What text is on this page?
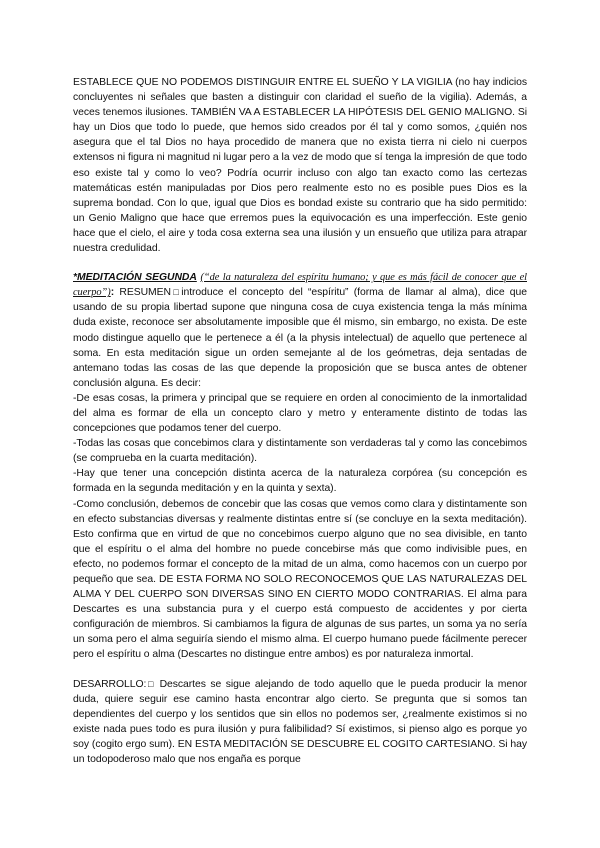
ESTABLECE QUE NO PODEMOS DISTINGUIR ENTRE EL SUEÑO Y LA VIGILIA (no hay indicios concluyentes ni señales que basten a distinguir con claridad el sueño de la vigilia). Además, a veces tenemos ilusiones. TAMBIÉN VA A ESTABLECER LA HIPÓTESIS DEL GENIO MALIGNO. Si hay un Dios que todo lo puede, que hemos sido creados por él tal y como somos, ¿quién nos asegura que el tal Dios no haya procedido de manera que no exista tierra ni cielo ni cuerpos extensos ni figura ni magnitud ni lugar pero a la vez de modo que sí tenga la impresión de que todo eso existe tal y como lo veo? Podría ocurrir incluso con algo tan exacto como las certezas matemáticas estén manipuladas por Dios pero realmente esto no es posible pues Dios es la suprema bondad. Con lo que, igual que Dios es bondad existe su contrario que ha sido permitido: un Genio Maligno que hace que erremos pues la equivocación es una imperfección. Este genio hace que el cielo, el aire y toda cosa externa sea una ilusión y un ensueño que utiliza para atrapar nuestra credulidad.

*MEDITACIÓN SEGUNDA (“de la naturaleza del espíritu humano; y que es más fácil de conocer que el cuerpo”): RESUMEN□introduce el concepto del “espíritu” (forma de llamar al alma), dice que usando de su propia libertad supone que ninguna cosa de cuya existencia tenga la más mínima duda existe, reconoce ser absolutamente imposible que él mismo, sin embargo, no exista. De este modo distingue aquello que le pertenece a él (a la physis intelectual) de aquello que pertenece al soma. En esta meditación sigue un orden semejante al de los geómetras, deja sentadas de antemano todas las cosas de las que depende la proposición que se busca antes de obtener conclusión alguna. Es decir:
-De esas cosas, la primera y principal que se requiere en orden al conocimiento de la inmortalidad del alma es formar de ella un concepto claro y metro y enteramente distinto de todas las concepciones que podamos tener del cuerpo.
-Todas las cosas que concebimos clara y distintamente son verdaderas tal y como las concebimos (se comprueba en la cuarta meditación).
-Hay que tener una concepción distinta acerca de la naturaleza corpórea (su concepción es formada en la segunda meditación y en la quinta y sexta).
-Como conclusión, debemos de concebir que las cosas que vemos como clara y distintamente son en efecto substancias diversas y realmente distintas entre sí (se concluye en la sexta meditación). Esto confirma que en virtud de que no concebimos cuerpo alguno que no sea divisible, en tanto que el espíritu o el alma del hombre no puede concebirse más que como indivisible pues, en efecto, no podemos formar el concepto de la mitad de un alma, como hacemos con un cuerpo por pequeño que sea. DE ESTA FORMA NO SOLO RECONOCEMOS QUE LAS NATURALEZAS DEL ALMA Y DEL CUERPO SON DIVERSAS SINO EN CIERTO MODO CONTRARIAS. El alma para Descartes es una substancia pura y el cuerpo está compuesto de accidentes y por cierta configuración de miembros. Si cambiamos la figura de algunas de sus partes, un soma ya no sería un soma pero el alma seguiría siendo el mismo alma. El cuerpo humano puede fácilmente perecer pero el espíritu o alma (Descartes no distingue entre ambos) es por naturaleza inmortal.

DESARROLLO:□ Descartes se sigue alejando de todo aquello que le pueda producir la menor duda, quiere seguir ese camino hasta encontrar algo cierto. Se pregunta que si somos tan dependientes del cuerpo y los sentidos que sin ellos no podemos ser, ¿realmente existimos si no existe nada pues todo es pura ilusión y pura falibilidad? Sí existimos, si pienso algo es porque yo soy (cogito ergo sum). EN ESTA MEDITACIÓN SE DESCUBRE EL COGITO CARTESIANO. Si hay un todopoderoso malo que nos engaña es porque
